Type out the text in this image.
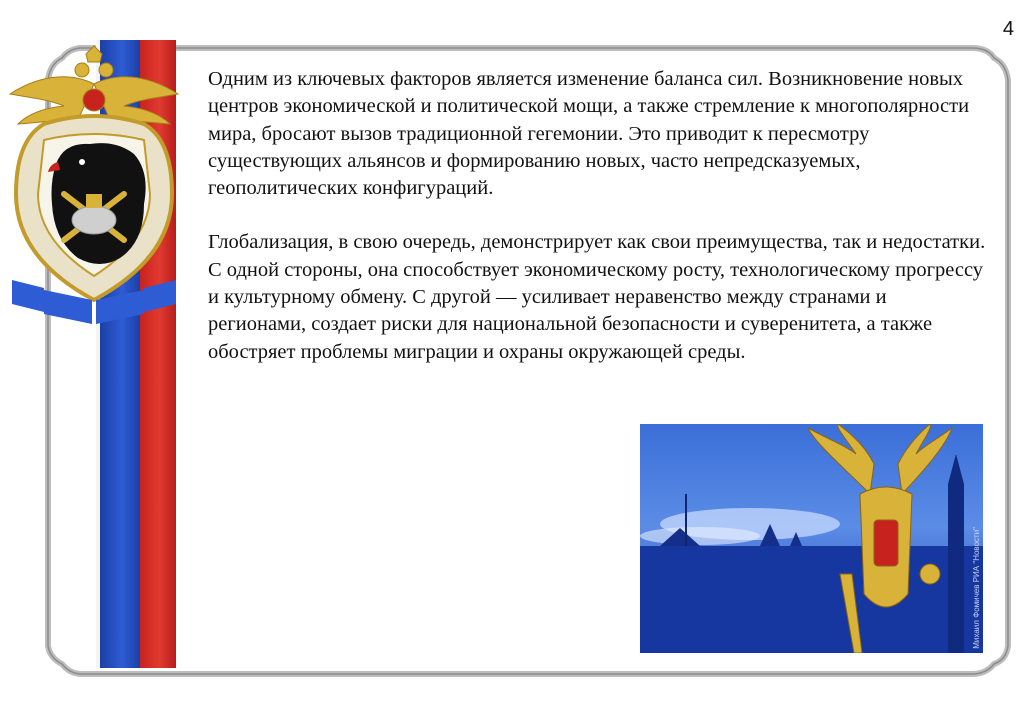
4

Одним из ключевых факторов является изменение баланса сил. Возникновение новых центров экономической и политической мощи, а также стремление к многополярности мира, бросают вызов традиционной гегемонии. Это приводит к пересмотру существующих альянсов и формированию новых, часто непредсказуемых, геополитических конфигураций.

Глобализация, в свою очередь, демонстрирует как свои преимущества, так и недостатки. С одной стороны, она способствует экономическому росту, технологическому прогрессу и культурному обмену. С другой — усиливает неравенство между странами и регионами, создает риски для национальной безопасности и суверенитета, а также обостряет проблемы миграции и охраны окружающей среды.

Михаил Фомичев РИА "Новости"
